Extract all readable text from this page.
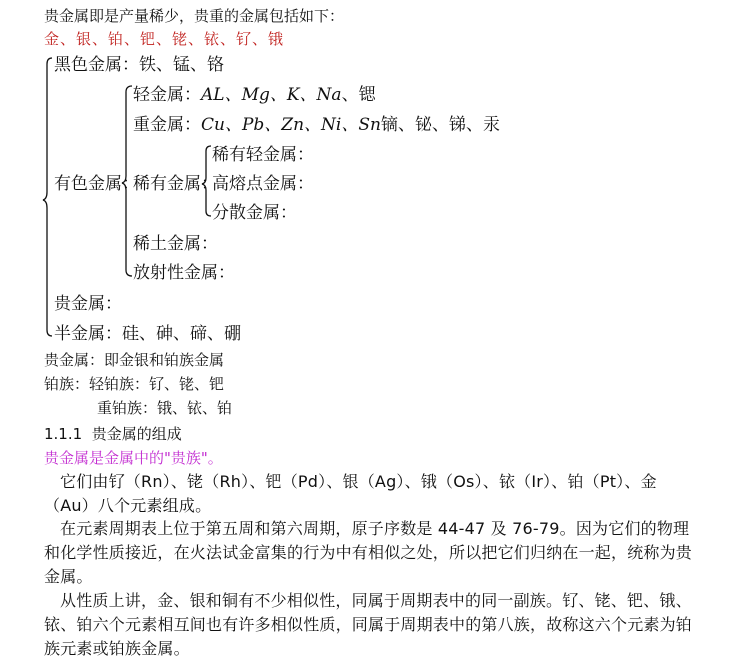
贵金属即是产量稀少，贵重的金属包括如下：
金、银、铂、钯、铑、铱、钌、锇
黑色金属：铁、锰、铬
有色金属：
轻金属：AL、Mg、K、Na、锶
重金属：Cu、Pb、Zn、Ni、Sn镝、铋、锑、汞
稀有金属：
稀有轻金属：
高熔点金属：
分散金属：
稀土金属：
放射性金属：
贵金属：
半金属：硅、砷、碲、硼
贵金属：即金银和铂族金属
铂族：轻铂族：钌、铑、钯
重铂族：锇、铱、铂
1.1.1 贵金属的组成
贵金属是金属中的"贵族"。
它们由钌（Rn）、铑（Rh）、钯（Pd）、银（Ag）、锇（Os）、铱（Ir）、铂（Pt）、金（Au）八个元素组成。
在元素周期表上位于第五周和第六周期，原子序数是 44-47 及 76-79。因为它们的物理和化学性质接近，在火法试金富集的行为中有相似之处，所以把它们归纳在一起，统称为贵金属。
从性质上讲，金、银和铜有不少相似性，同属于周期表中的同一副族。钌、铑、钯、锇、铱、铂六个元素相互间也有许多相似性质，同属于周期表中的第八族，故称这六个元素为铂族元素或铂族金属。
